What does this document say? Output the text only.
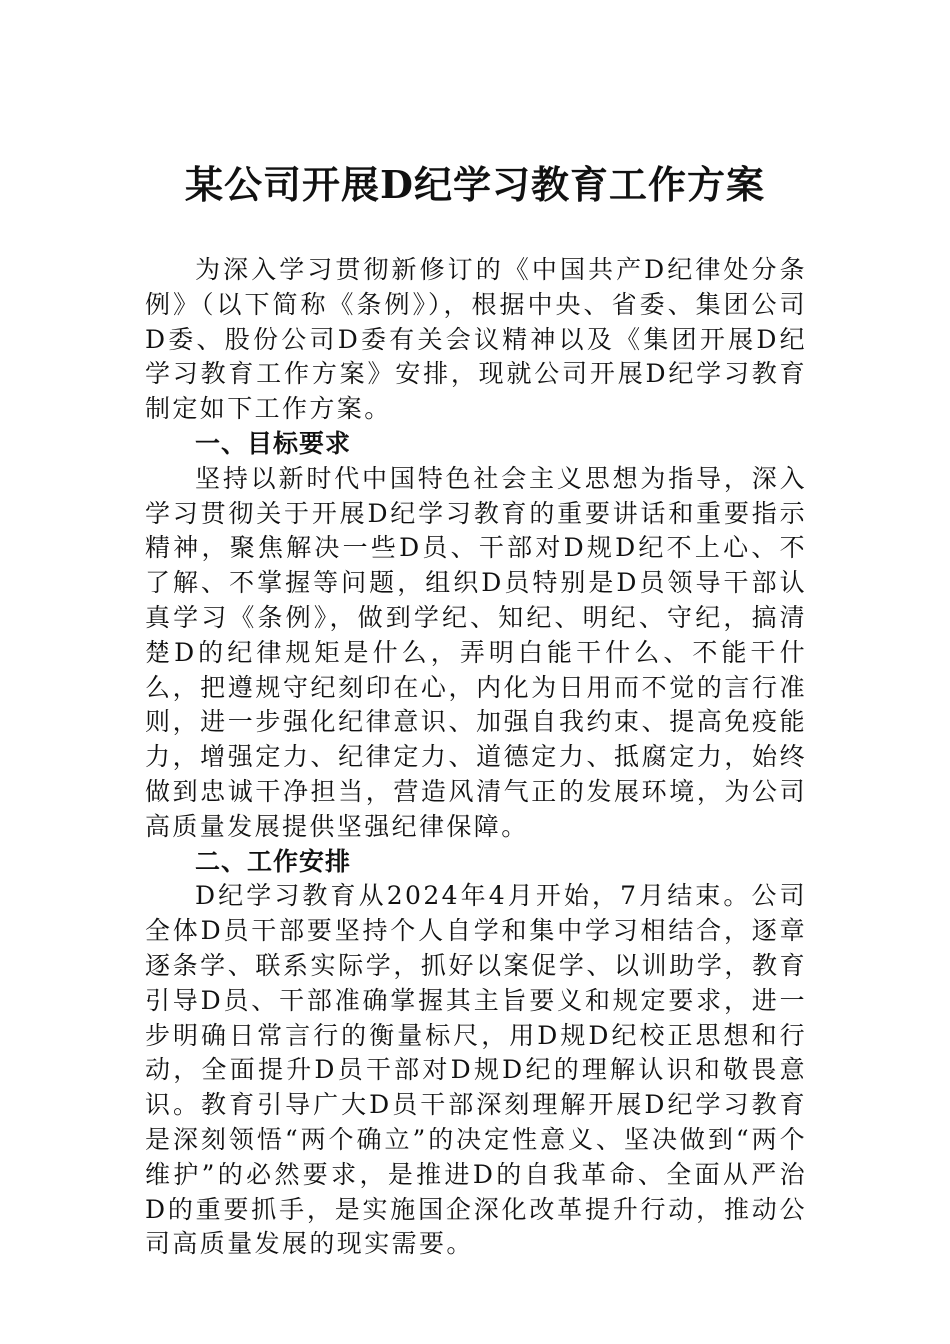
某公司开展D纪学习教育工作方案

为深入学习贯彻新修订的《中国共产D纪律处分条例》（以下简称《条例》），根据中央、省委、集团公司D委、股份公司D委有关会议精神以及《集团开展D纪学习教育工作方案》安排，现就公司开展D纪学习教育制定如下工作方案。

一、目标要求

坚持以新时代中国特色社会主义思想为指导，深入学习贯彻关于开展D纪学习教育的重要讲话和重要指示精神，聚焦解决一些D员、干部对D规D纪不上心、不了解、不掌握等问题，组织D员特别是D员领导干部认真学习《条例》，做到学纪、知纪、明纪、守纪，搞清楚D的纪律规矩是什么，弄明白能干什么、不能干什么，把遵规守纪刻印在心，内化为日用而不觉的言行准则，进一步强化纪律意识、加强自我约束、提高免疫能力，增强定力、纪律定力、道德定力、抵腐定力，始终做到忠诚干净担当，营造风清气正的发展环境，为公司高质量发展提供坚强纪律保障。

二、工作安排

D纪学习教育从2024年4月开始，7月结束。公司全体D员干部要坚持个人自学和集中学习相结合，逐章逐条学、联系实际学，抓好以案促学、以训助学，教育引导D员、干部准确掌握其主旨要义和规定要求，进一步明确日常言行的衡量标尺，用D规D纪校正思想和行动，全面提升D员干部对D规D纪的理解认识和敬畏意识。教育引导广大D员干部深刻理解开展D纪学习教育是深刻领悟“两个确立”的决定性意义、坚决做到“两个维护”的必然要求，是推进D的自我革命、全面从严治D的重要抓手，是实施国企深化改革提升行动，推动公司高质量发展的现实需要。
